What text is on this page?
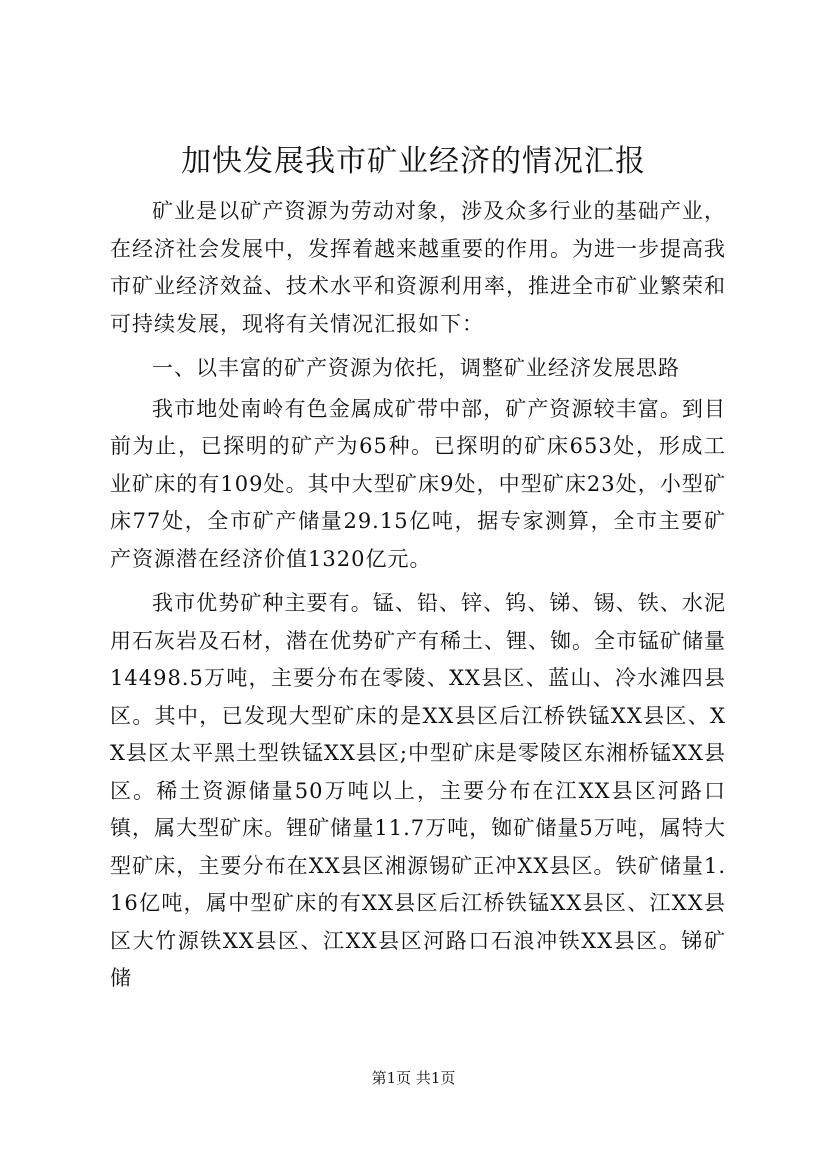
加快发展我市矿业经济的情况汇报

矿业是以矿产资源为劳动对象，涉及众多行业的基础产业，在经济社会发展中，发挥着越来越重要的作用。为进一步提高我市矿业经济效益、技术水平和资源利用率，推进全市矿业繁荣和可持续发展，现将有关情况汇报如下：

一、以丰富的矿产资源为依托，调整矿业经济发展思路

我市地处南岭有色金属成矿带中部，矿产资源较丰富。到目前为止，已探明的矿产为65种。已探明的矿床653处，形成工业矿床的有109处。其中大型矿床9处，中型矿床23处，小型矿床77处，全市矿产储量29.15亿吨，据专家测算，全市主要矿产资源潜在经济价值1320亿元。

我市优势矿种主要有。锰、铅、锌、钨、锑、锡、铁、水泥用石灰岩及石材，潜在优势矿产有稀土、锂、铷。全市锰矿储量14498.5万吨，主要分布在零陵、XX县区、蓝山、冷水滩四县区。其中，已发现大型矿床的是XX县区后江桥铁锰XX县区、XX县区太平黑土型铁锰XX县区;中型矿床是零陵区东湘桥锰XX县区。稀土资源储量50万吨以上，主要分布在江XX县区河路口镇，属大型矿床。锂矿储量11.7万吨，铷矿储量5万吨，属特大型矿床，主要分布在XX县区湘源锡矿正冲XX县区。铁矿储量1.16亿吨，属中型矿床的有XX县区后江桥铁锰XX县区、江XX县区大竹源铁XX县区、江XX县区河路口石浪冲铁XX县区。锑矿储

第1页 共1页
